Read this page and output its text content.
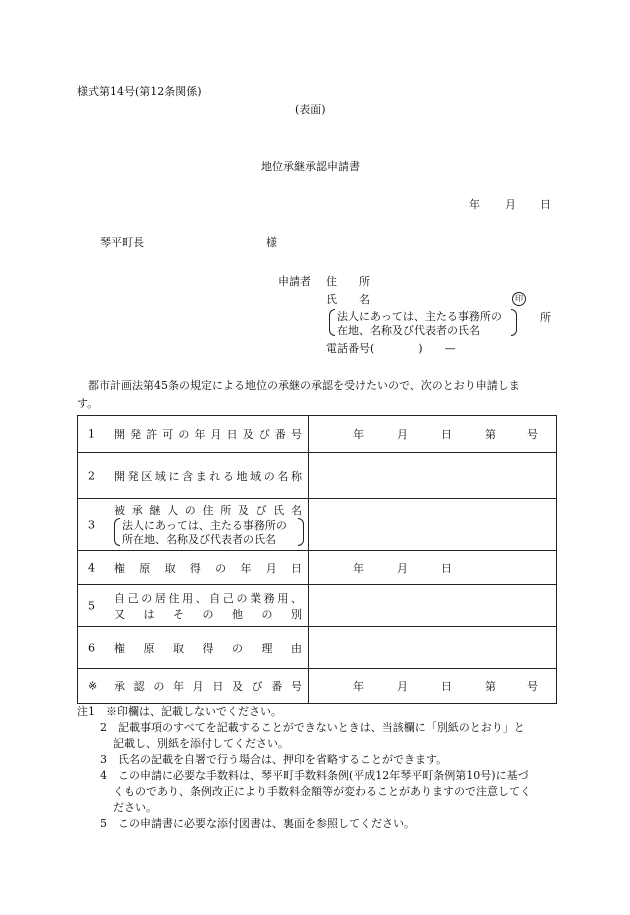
様式第14号(第12条関係)
(表面)
地位承継承認申請書
年 月 日
琴平町長	様
申請者 住　　所
氏　　名	印
法人にあっては、主たる事務所の
在地、名称及び代表者の氏名
所
電話番号(　　　　)　　—
都市計画法第45条の規定による地位の承継の承認を受けたいので、次のとおり申請しま
す。
1 開発許可の年月日及び番号	年 月 日 第 号

2 開発区域に含まれる地域の名称	

3
被承継人の住所及び氏名
法人にあっては、主たる事務所の
所在地、名称及び代表者の氏名	

4 権原取得の年月日	年 月 日

5
自己の居住用、自己の業務用、
又はその他の別	

6 権原取得の理由	

※ 承認の年月日及び番号	年 月 日 第 号
注1　※印欄は、記載しないでください。
2　記載事項のすべてを記載することができないときは、当該欄に「別紙のとおり」と
記載し、別紙を添付してください。
3　氏名の記載を自署で行う場合は、押印を省略することができます。
4　この申請に必要な手数料は、琴平町手数料条例(平成12年琴平町条例第10号)に基づ
くものであり、条例改正により手数料金額等が変わることがありますので注意してく
ださい。
5　この申請書に必要な添付図書は、裏面を参照してください。
